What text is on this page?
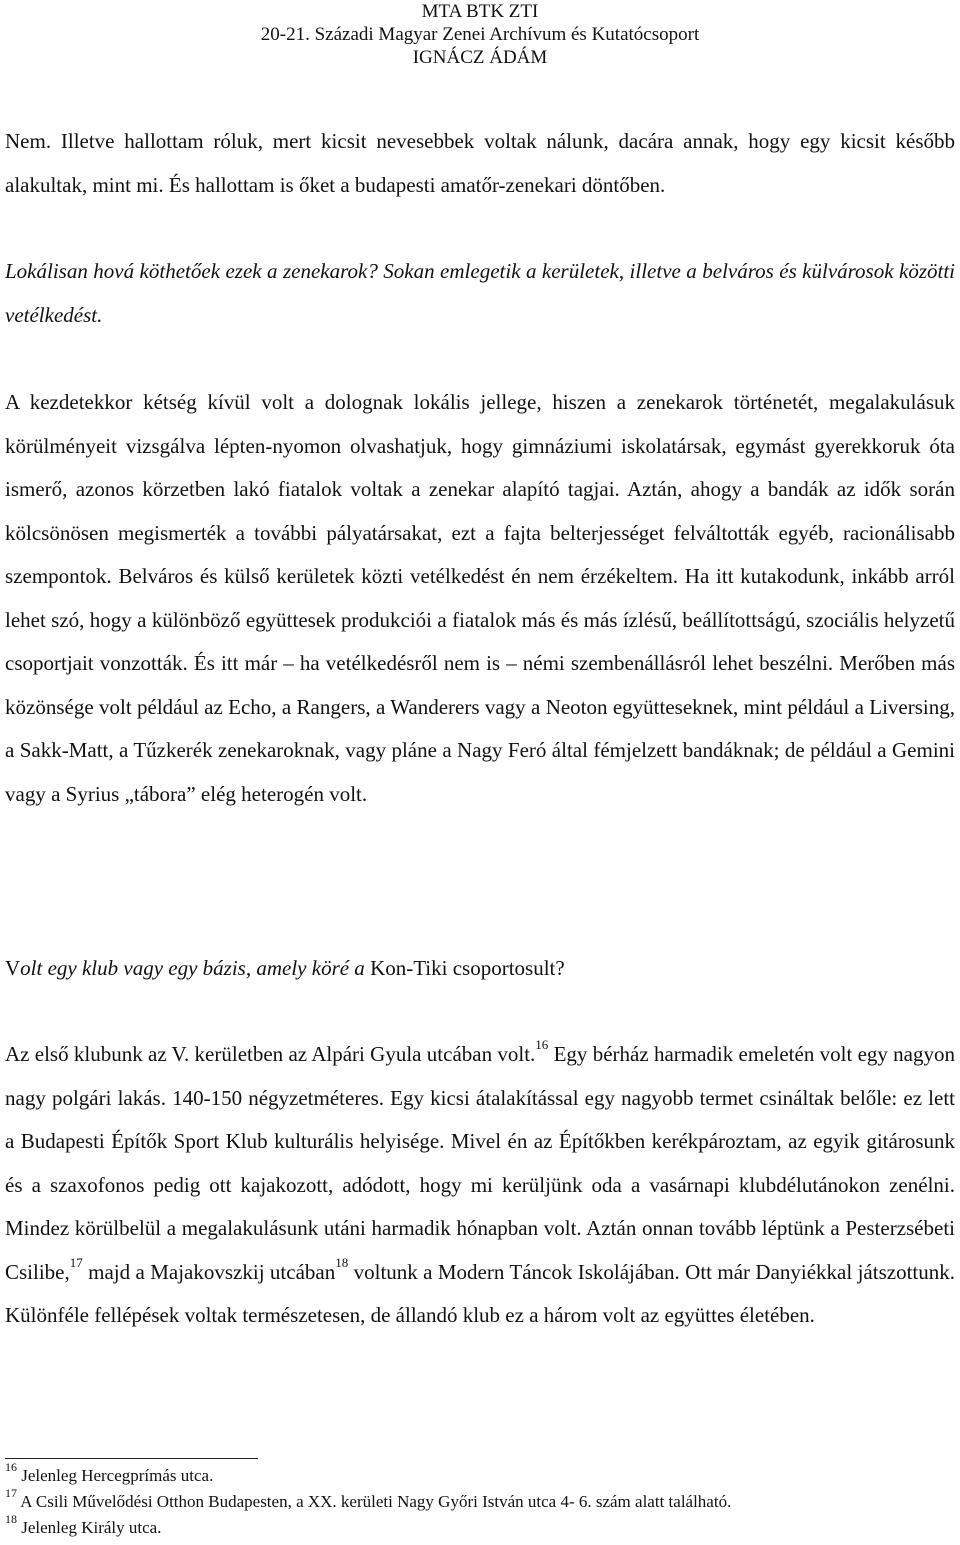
MTA BTK ZTI
20-21. Századi Magyar Zenei Archívum és Kutatócsoport
IGNÁCZ ÁDÁM

Nem. Illetve hallottam róluk, mert kicsit nevesebbek voltak nálunk, dacára annak, hogy egy kicsit később alakultak, mint mi. És hallottam is őket a budapesti amatőr-zenekari döntőben.

Lokálisan hová köthetőek ezek a zenekarok? Sokan emlegetik a kerületek, illetve a belváros és külvárosok közötti vetélkedést.

A kezdetekkor kétség kívül volt a dolognak lokális jellege, hiszen a zenekarok történetét, megalakulásuk körülményeit vizsgálva lépten-nyomon olvashatjuk, hogy gimnáziumi iskolatársak, egymást gyerekkoruk óta ismerő, azonos körzetben lakó fiatalok voltak a zenekar alapító tagjai. Aztán, ahogy a bandák az idők során kölcsönösen megismerték a további pályatársakat, ezt a fajta belterjességet felváltották egyéb, racionálisabb szempontok. Belváros és külső kerületek közti vetélkedést én nem érzékeltem. Ha itt kutakodunk, inkább arról lehet szó, hogy a különböző együttesek produkciói a fiatalok más és más ízlésű, beállítottságú, szociális helyzetű csoportjait vonzották. És itt már – ha vetélkedésről nem is – némi szembenállásról lehet beszélni. Merőben más közönsége volt például az Echo, a Rangers, a Wanderers vagy a Neoton együtteseknek, mint például a Liversing, a Sakk-Matt, a Tűzkerék zenekaroknak, vagy pláne a Nagy Feró által fémjelzett bandáknak; de például a Gemini vagy a Syrius „tábora” elég heterogén volt.

Volt egy klub vagy egy bázis, amely köré a Kon-Tiki csoportosult?

Az első klubunk az V. kerületben az Alpári Gyula utcában volt.$^{16}$ Egy bérház harmadik emeletén volt egy nagyon nagy polgári lakás. 140-150 négyzetméteres. Egy kicsi átalakítással egy nagyobb termet csináltak belőle: ez lett a Budapesti Építők Sport Klub kulturális helyisége. Mivel én az Építőkben kerékpároztam, az egyik gitárosunk és a szaxofonos pedig ott kajakozott, adódott, hogy mi kerüljünk oda a vasárnapi klubdélutánokon zenélni. Mindez körülbelül a megalakulásunk utáni harmadik hónapban volt. Aztán onnan tovább léptünk a Pesterzsébeti Csilibe,$^{17}$ majd a Majakovszkij utcában$^{18}$ voltunk a Modern Táncok Iskolájában. Ott már Danyiékkal játszottunk. Különféle fellépések voltak természetesen, de állandó klub ez a három volt az együttes életében.

$^{16}$ Jelenleg Hercegprímás utca.
$^{17}$ A Csili Művelődési Otthon Budapesten, a XX. kerületi Nagy Győri István utca 4- 6. szám alatt található.
$^{18}$ Jelenleg Király utca.
